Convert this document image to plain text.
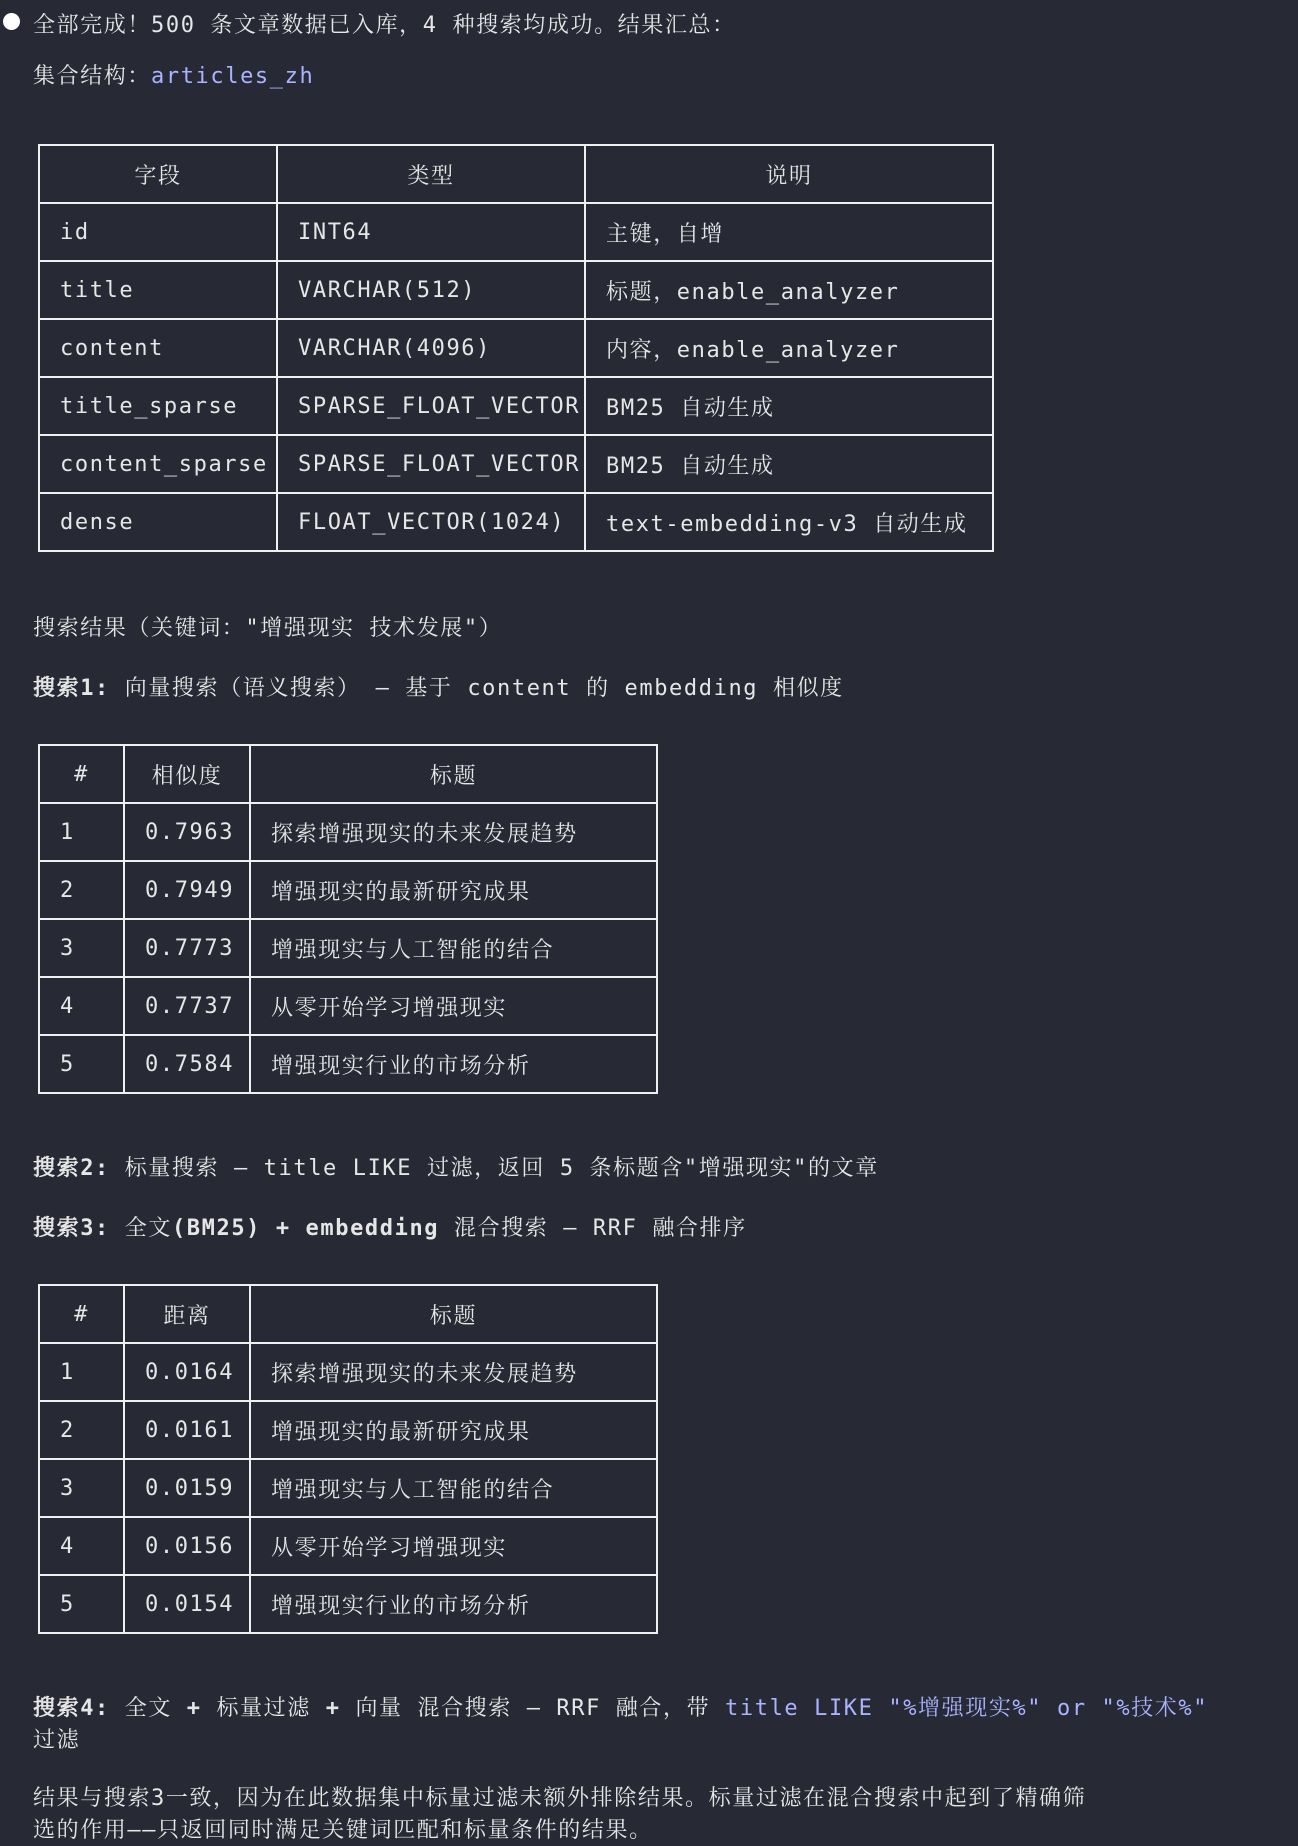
全部完成！500 条文章数据已入库，4 种搜索均成功。结果汇总：
集合结构：articles_zh
字段	类型	说明
id	INT64	主键，自增
title	VARCHAR(512)	标题，enable_analyzer
content	VARCHAR(4096)	内容，enable_analyzer
title_sparse	SPARSE_FLOAT_VECTOR	BM25 自动生成
content_sparse	SPARSE_FLOAT_VECTOR	BM25 自动生成
dense	FLOAT_VECTOR(1024)	text-embedding-v3 自动生成
搜索结果（关键词："增强现实 技术发展"）
搜索1: 向量搜索（语义搜索） — 基于 content 的 embedding 相似度
#	相似度	标题
1	0.7963	探索增强现实的未来发展趋势
2	0.7949	增强现实的最新研究成果
3	0.7773	增强现实与人工智能的结合
4	0.7737	从零开始学习增强现实
5	0.7584	增强现实行业的市场分析
搜索2: 标量搜索 — title LIKE 过滤，返回 5 条标题含"增强现实"的文章
搜索3: 全文(BM25) + embedding 混合搜索 — RRF 融合排序
#	距离	标题
1	0.0164	探索增强现实的未来发展趋势
2	0.0161	增强现实的最新研究成果
3	0.0159	增强现实与人工智能的结合
4	0.0156	从零开始学习增强现实
5	0.0154	增强现实行业的市场分析
搜索4: 全文 + 标量过滤 + 向量 混合搜索 — RRF 融合，带 title LIKE "%增强现实%" or "%技术%"
过滤
结果与搜索3一致，因为在此数据集中标量过滤未额外排除结果。标量过滤在混合搜索中起到了精确筛
选的作用——只返回同时满足关键词匹配和标量条件的结果。
